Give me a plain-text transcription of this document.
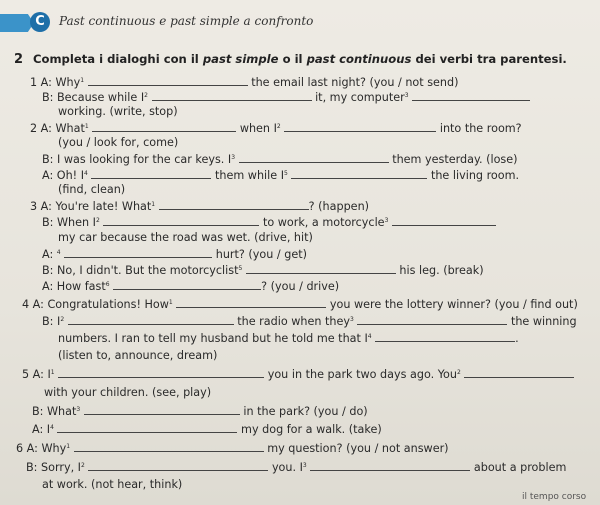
C	Past continuous e past simple a confronto
2 Completa i dialoghi con il past simple o il past continuous dei verbi tra parentesi.
1 A: Why$^1$	the email last night? (you / not send)
B: Because while $I^2$	it, my computer$^3$
working. (write, stop)
2 A: What$^1$	when $I^2$	into the room?
(you / look for, come)
B: I was looking for the car keys. $I^3$	them yesterday. (lose)
A: Oh! $I^4$	them while $I^5$	the living room.
(find, clean)
3 A: You're late! What$^1$	? (happen)
B: When $I^2$	to work, a motorcycle$^3$
my car because the road was wet. (drive, hit)
A: $^4$	hurt? (you / get)
B: No, I didn't. But the motorcyclist$^5$	his leg. (break)
A: How fast$^6$	? (you / drive)
4 A: Congratulations! How$^1$	you were the lottery winner? (you / find out)
B: $I^2$	the radio when they$^3$	the winning
numbers. I ran to tell my husband but he told me that $I^4$	.
(listen to, announce, dream)
5 A: $I^1$	you in the park two days ago. You$^2$
with your children. (see, play)
B: What$^3$	in the park? (you / do)
A: $I^4$	my dog for a walk. (take)
6 A: Why$^1$	my question? (you / not answer)
B: Sorry, $I^2$	you. $I^3$	about a problem
at work. (not hear, think)
il tempo corso
